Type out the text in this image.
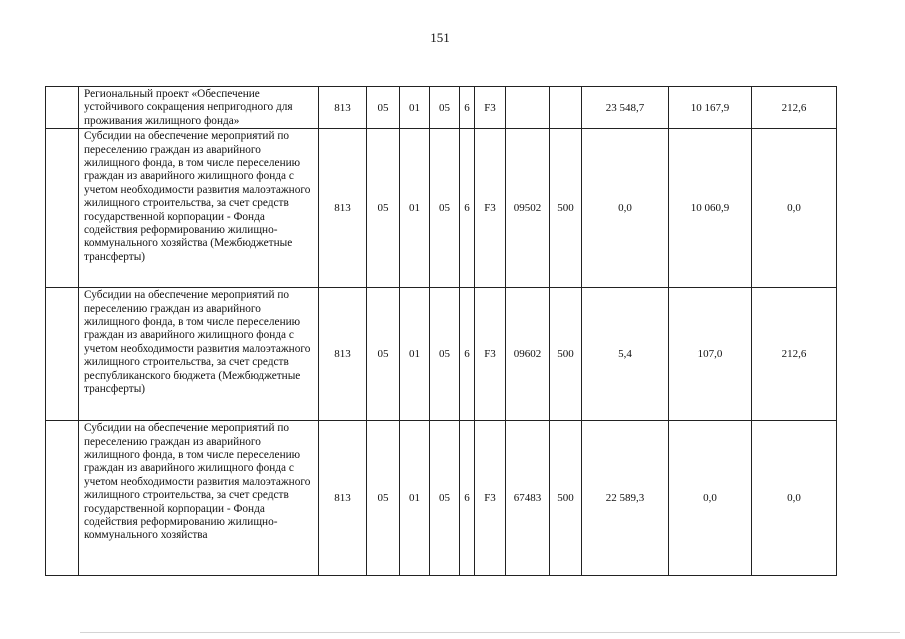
151
	Региональный проект «Обеспечение устойчивого сокращения непригодного для проживания жилищного фонда»	813	05	01	05	6	F3			23 548,7	10 167,9	212,6
	Субсидии на обеспечение мероприятий по переселению граждан из аварийного жилищного фонда, в том числе переселению граждан из аварийного жилищного фонда с учетом необходимости развития малоэтажного жилищного строительства, за счет средств государственной корпорации - Фонда содействия реформированию жилищно-коммунального хозяйства (Межбюджетные трансферты)	813	05	01	05	6	F3	09502	500	0,0	10 060,9	0,0
	Субсидии на обеспечение мероприятий по переселению граждан из аварийного жилищного фонда, в том числе переселению граждан из аварийного жилищного фонда с учетом необходимости развития малоэтажного жилищного строительства, за счет средств республиканского бюджета (Межбюджетные трансферты)	813	05	01	05	6	F3	09602	500	5,4	107,0	212,6
	Субсидии на обеспечение мероприятий по переселению граждан из аварийного жилищного фонда, в том числе переселению граждан из аварийного жилищного фонда с учетом необходимости развития малоэтажного жилищного строительства, за счет средств государственной корпорации - Фонда содействия реформированию жилищно-коммунального хозяйства	813	05	01	05	6	F3	67483	500	22 589,3	0,0	0,0
